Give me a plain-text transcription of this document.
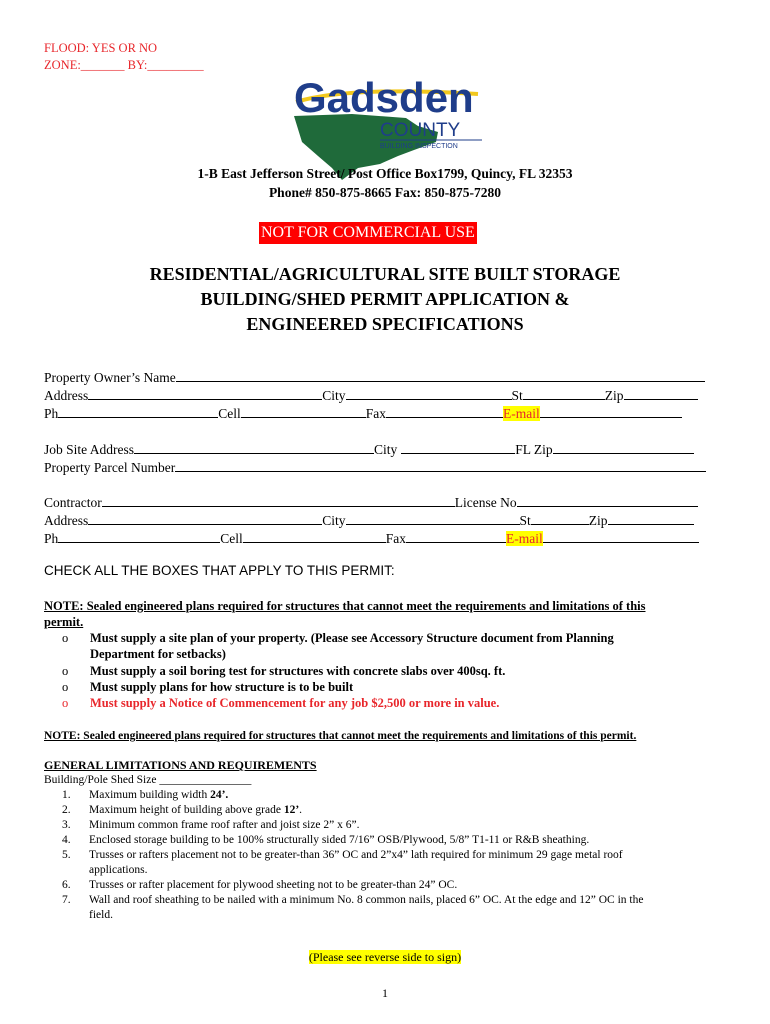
FLOOD: YES OR NO
ZONE:_______ BY:_________
Gadsden
COUNTY
BUILDING INSPECTION
1-B East Jefferson Street/ Post Office Box1799, Quincy, FL 32353
Phone# 850-875-8665 Fax: 850-875-7280
NOT FOR COMMERCIAL USE
RESIDENTIAL/AGRICULTURAL SITE BUILT STORAGE
BUILDING/SHED PERMIT APPLICATION &
ENGINEERED SPECIFICATIONS
Property Owner’s Name
Address	City	St	Zip
Ph	Cell	Fax	E-mail
Job Site Address	City	FL Zip
Property Parcel Number
Contractor	License No
Address	City	St	Zip
Ph	Cell	Fax	E-mail
CHECK ALL THE BOXES THAT APPLY TO THIS PERMIT:
NOTE: Sealed engineered plans required for structures that cannot meet the requirements and limitations of this
permit.
o Must supply a site plan of your property. (Please see Accessory Structure document from Planning
Department for setbacks)
o Must supply a soil boring test for structures with concrete slabs over 400sq. ft.
o Must supply plans for how structure is to be built
o Must supply a Notice of Commencement for any job $2,500 or more in value.
NOTE: Sealed engineered plans required for structures that cannot meet the requirements and limitations of this permit.
GENERAL LIMITATIONS AND REQUIREMENTS
Building/Pole Shed Size ________________
1. Maximum building width 24’.
2. Maximum height of building above grade 12’.
3. Minimum common frame roof rafter and joist size 2” x 6”.
4. Enclosed storage building to be 100% structurally sided 7/16” OSB/Plywood, 5/8” T1-11 or R&B sheathing.
5. Trusses or rafters placement not to be greater-than 36” OC and 2”x4” lath required for minimum 29 gage metal roof
applications.
6. Trusses or rafter placement for plywood sheeting not to be greater-than 24” OC.
7. Wall and roof sheathing to be nailed with a minimum No. 8 common nails, placed 6” OC. At the edge and 12” OC in the
field.
(Please see reverse side to sign)
1
